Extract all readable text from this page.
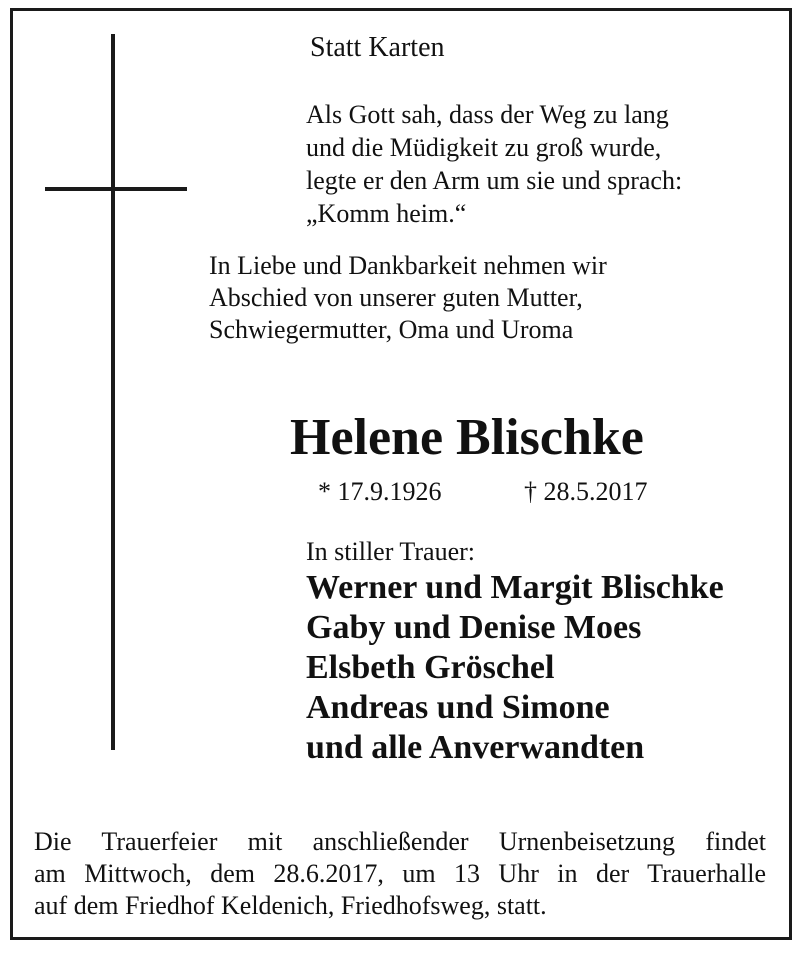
Statt Karten

Als Gott sah, dass der Weg zu lang
und die Müdigkeit zu groß wurde,
legte er den Arm um sie und sprach:
„Komm heim.“
In Liebe und Dankbarkeit nehmen wir
Abschied von unserer guten Mutter,
Schwiegermutter, Oma und Uroma
Helene Blischke
* 17.9.1926	† 28.5.2017

In stiller Trauer:

Werner und Margit Blischke
Gaby und Denise Moes
Elsbeth Gröschel
Andreas und Simone
und alle Anverwandten
Die Trauerfeier mit anschließender Urnenbeisetzung findet
am Mittwoch, dem 28.6.2017, um 13 Uhr in der Trauerhalle
auf dem Friedhof Keldenich, Friedhofsweg, statt.
